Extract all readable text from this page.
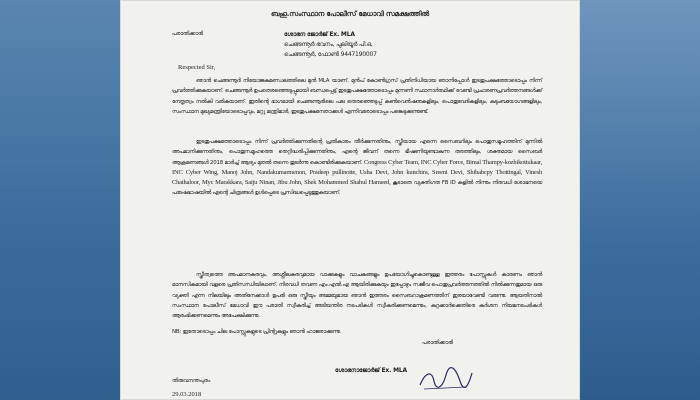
ബഹു.സംസ്ഥാന പോലീസ് മേധാവി സമക്ഷത്തിൽ
പരാതിക്കാരി	ശോഭന ജോർജ് Ex. MLA
ചെങ്ങന്നൂർ ഭവനം, പുലിയൂർ പി.ഒ,
ചെങ്ങന്നൂർ, ഫോൺ 9447190007
Respected Sir,

ഞാൻ ചെങ്ങന്നൂർ നിയോജകമണ്ഡലത്തിലെ മുൻ MLA യാണ്. മുൻപ് കോൺഗ്രസ് പ്രതിനിധിയായ ഞാനിപ്പോൾ ഇടതുപക്ഷത്തോടൊപ്പം നിന്ന് പ്രവർത്തിക്കുകയാണ്. ചെങ്ങന്നൂർ ഉപതെരഞ്ഞെടുപ്പുമായി ബന്ധപ്പെട്ട് ഇടതുപക്ഷത്തോടൊപ്പം മുന്നണി സ്ഥാനാർത്ഥിക്ക് വേണ്ടി പ്രചാരണപ്രവർത്തനങ്ങൾക്ക് നേതൃത്വം നൽകി വരികയാണ്. ഇതിന്റെ ഭാഗമായി ചെങ്ങന്നൂരിലെ പല തെരഞ്ഞെടുപ്പ് കൺവെൻഷനുകളിലും, പൊതുവേദികളിലും, കുടുംബയോഗങ്ങളിലും, സംസ്ഥാന മുഖ്യമന്ത്രിയോടൊപ്പവും, മറ്റു മന്ത്രിമാർ, ഇടതുപക്ഷനേതാക്കൾ എന്നിവരോടൊപ്പം പങ്കെടുക്കുന്നുണ്ട്.

ഇടതുപക്ഷത്തോടൊപ്പം നിന്ന് പ്രവർത്തിക്കുന്നതിന്റെ പ്രതികാരം തീർക്കുന്നതിനും, സ്ത്രീയായ എന്നെ സൈബറിലും പൊതുസമൂഹത്തിന് മുന്നിൽ അപമാനിക്കുന്നതിനും, പൊതുസമൂഹത്തെ തെറ്റിദ്ധരിപ്പിക്കുന്നതിനും, എന്റെ ജീവന് തന്നെ ഭീഷണിയുണ്ടാകുന്ന തരത്തിലും, ശക്തമായ സൈബർ ആക്രമണങ്ങൾ 2018 മാർച്ച് ആദ്യം മുതൽ തന്നെ തുടർന്നു കൊണ്ടിരിക്കുകയാണ്. Congress Cyber Team, INC Cyber Force, Bimal Thampy-kozhikottukaar, INC Cyber Wing, Manoj John, Nandakumarmenon, Pradeep pullinotte, Usha Devi, John kunchira, Sreeni Devi, Shibabcpy Thottingal, Vinesh Chathaloor, Myc Marakkara, Saiju Ninan, Jibu John, Shek Mohammed Shahul Hameed, കൂടാതെ വ്യക്തിഗത FB ID കളിൽ നിന്നും നിരവധി ശോഭനയെ പരുഷഭാഷയിൽ എന്റെ ചിത്രങ്ങൾ ഉൾപ്പെടെ പ്രസിദ്ധപ്പെടുത്തുകയാണ്.

സ്ത്രീത്വത്തെ അപമാനകരവും, അശ്ലീലകരവുമായ വാക്കുകളും വാചകങ്ങളും ഉപയോഗിച്ചുകൊണ്ടുള്ള ഇത്തരം പോസ്റ്റുകൾ കാരണം ഞാൻ മാനസികമായി വളരെ പ്രതിസന്ധിയിലാണ്. നിരവധി തവണ എം.എൽ.എ ആയിരിക്കുകയും ഇപ്പോഴും സജീവ പൊതുപ്രവർത്തനത്തിൽ നിൽക്കുന്നതുമായ ഒരു വ്യക്തി എന്ന നിലയിലും അതിനേക്കാൾ ഉപരി ഒരു സ്ത്രീയും അമ്മയുമായ ഞാൻ ഇത്തരം സൈബറാക്രമണത്തിന് ഇരയാവേണ്ടി വരുന്നു. ആയതിനാൽ സംസ്ഥാന പോലീസ് മേധാവി ഈ പരാതി സ്വീകരിച്ച് അടിയന്തിര നടപടികൾ സ്വീകരിക്കണമെന്നും, കുറ്റക്കാർക്കെതിരെ കർശന നിയമനടപടികൾ ആരംഭിക്കണമെന്നും അപേക്ഷിക്കുന്നു.

NB: ഇതോടൊപ്പം ചില പോസ്റ്റുകളുടെ പ്രിന്റുകളും ഞാൻ ഹാജരാക്കുന്നു.
പരാതിക്കാരി
ശോഭനാജോർജ് Ex. MLA
തിരുവനന്തപുരം
29.03.2018
